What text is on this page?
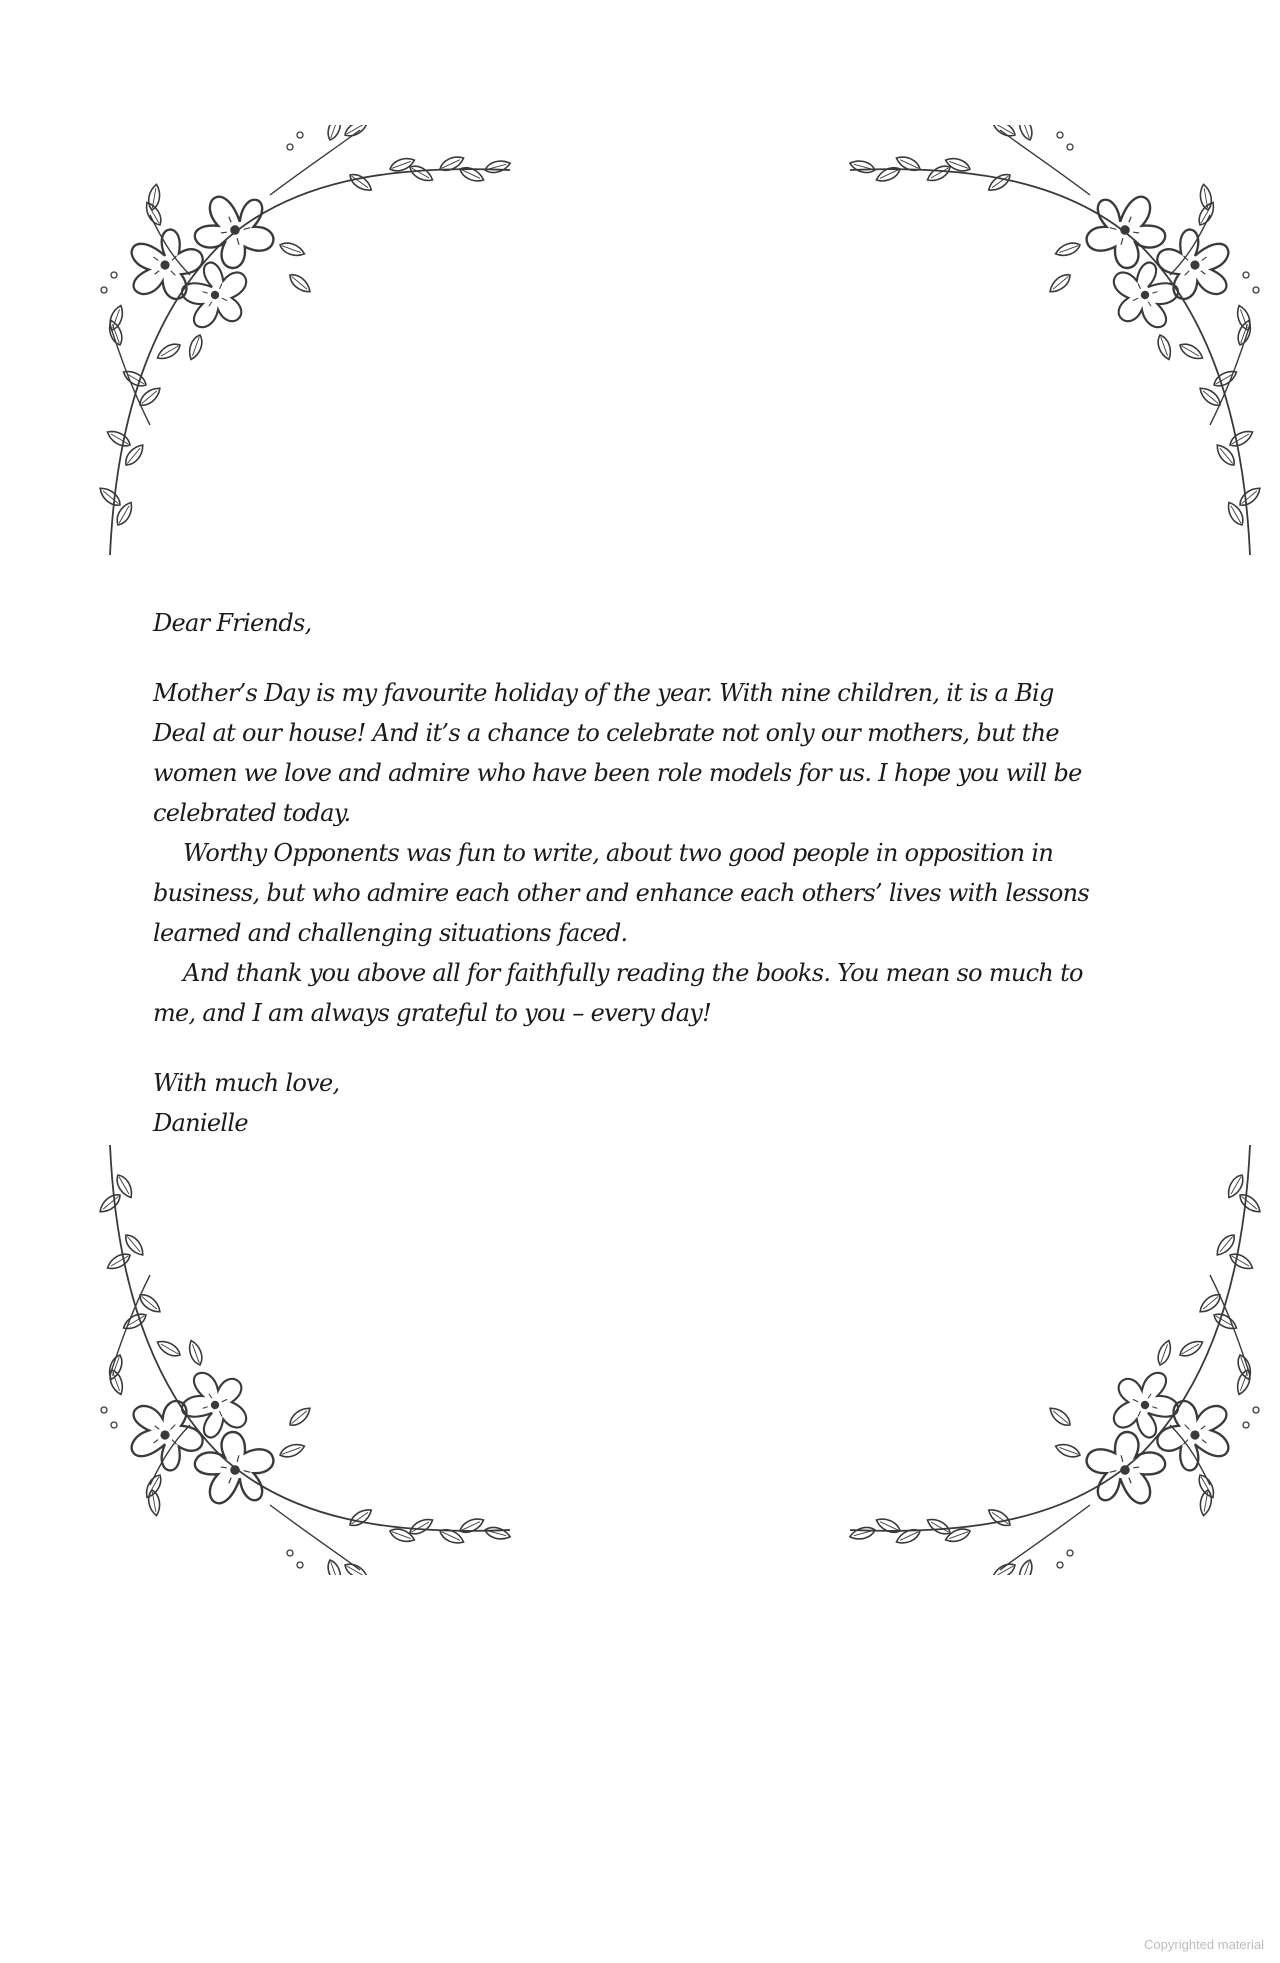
Dear Friends,

Mother’s Day is my favourite holiday of the year. With nine children, it is a Big Deal at our house! And it’s a chance to celebrate not only our mothers, but the women we love and admire who have been role models for us. I hope you will be celebrated today.

Worthy Opponents was fun to write, about two good people in opposition in business, but who admire each other and enhance each others’ lives with lessons learned and challenging situations faced.

And thank you above all for faithfully reading the books. You mean so much to me, and I am always grateful to you – every day!

With much love,

Danielle

Copyrighted material
